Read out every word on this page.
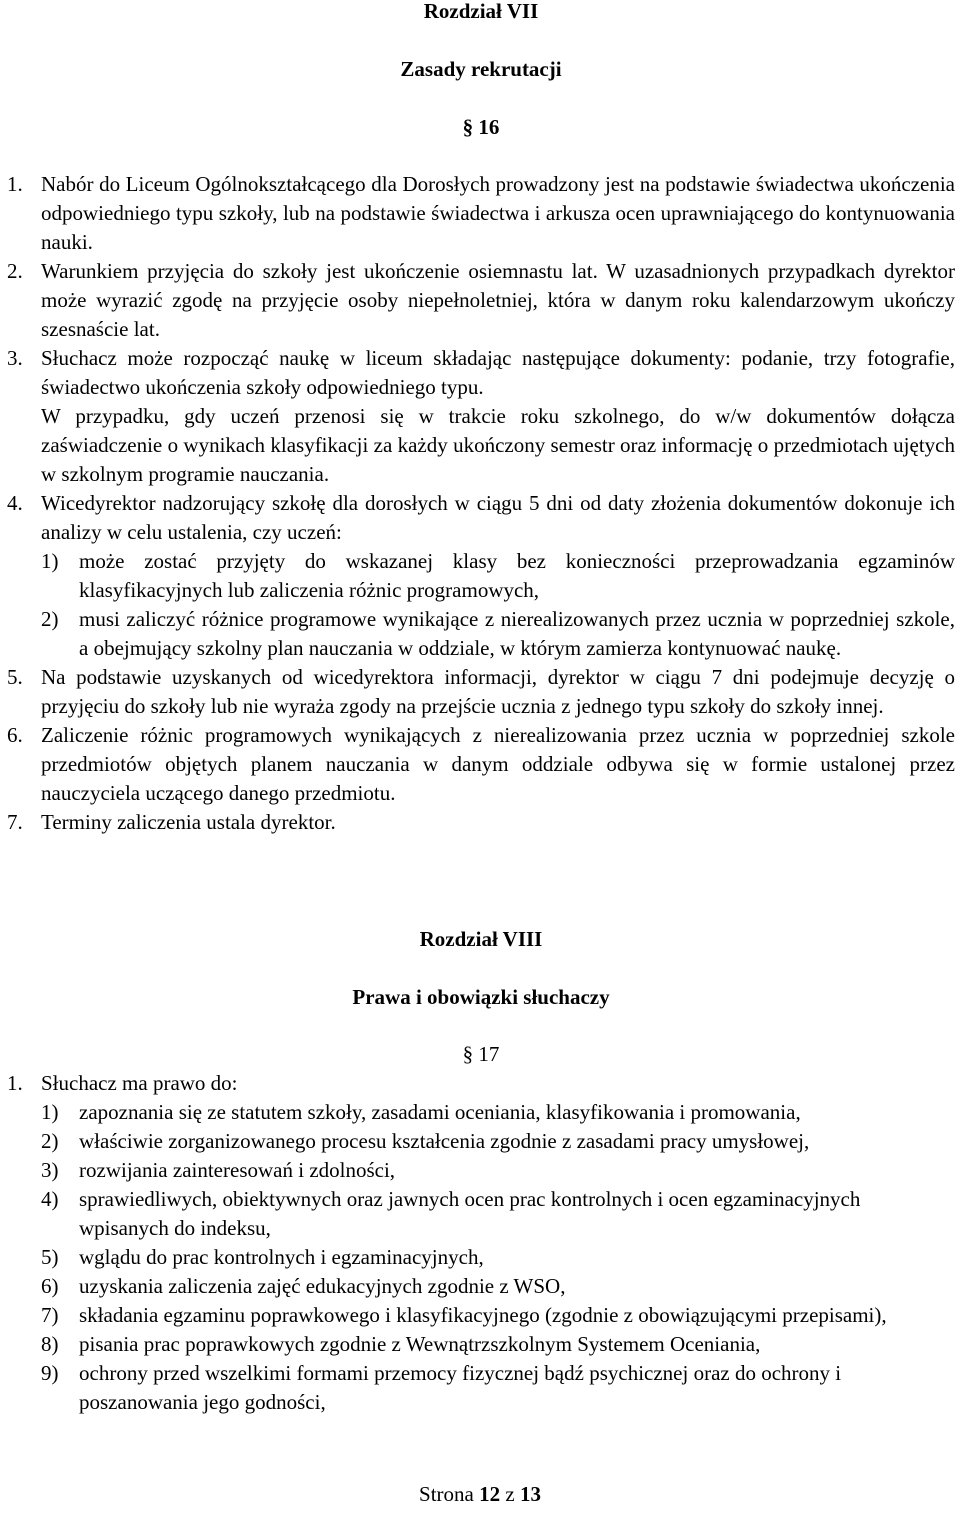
Rozdział VII
Zasady rekrutacji
§ 16
1. Nabór do Liceum Ogólnokształcącego dla Dorosłych prowadzony jest na podstawie świadectwa ukończenia odpowiedniego typu szkoły, lub na podstawie świadectwa i arkusza ocen uprawniającego do kontynuowania nauki.
2. Warunkiem przyjęcia do szkoły jest ukończenie osiemnastu lat. W uzasadnionych przypadkach dyrektor może wyrazić zgodę na przyjęcie osoby niepełnoletniej, która w danym roku kalendarzowym ukończy szesnaście lat.
3. Słuchacz może rozpocząć naukę w liceum składając następujące dokumenty: podanie, trzy fotografie, świadectwo ukończenia szkoły odpowiedniego typu.
W przypadku, gdy uczeń przenosi się w trakcie roku szkolnego, do w/w dokumentów dołącza zaświadczenie o wynikach klasyfikacji za każdy ukończony semestr oraz informację o przedmiotach ujętych w szkolnym programie nauczania.
4. Wicedyrektor nadzorujący szkołę dla dorosłych w ciągu 5 dni od daty złożenia dokumentów dokonuje ich analizy w celu ustalenia, czy uczeń:
1) może zostać przyjęty do wskazanej klasy bez konieczności przeprowadzania egzaminów klasyfikacyjnych lub zaliczenia różnic programowych,
2) musi zaliczyć różnice programowe wynikające z nierealizowanych przez ucznia w poprzedniej szkole, a obejmujący szkolny plan nauczania w oddziale, w którym zamierza kontynuować naukę.
5. Na podstawie uzyskanych od wicedyrektora informacji, dyrektor w ciągu 7 dni podejmuje decyzję o przyjęciu do szkoły lub nie wyraża zgody na przejście ucznia z jednego typu szkoły do szkoły innej.
6. Zaliczenie różnic programowych wynikających z nierealizowania przez ucznia w poprzedniej szkole przedmiotów objętych planem nauczania w danym oddziale odbywa się w formie ustalonej przez nauczyciela uczącego danego przedmiotu.
7. Terminy zaliczenia ustala dyrektor.
Rozdział VIII
Prawa i obowiązki słuchaczy
§ 17
1. Słuchacz ma prawo do:
1) zapoznania się ze statutem szkoły, zasadami oceniania, klasyfikowania i promowania,
2) właściwie zorganizowanego procesu kształcenia zgodnie z zasadami pracy umysłowej,
3) rozwijania zainteresowań i zdolności,
4) sprawiedliwych, obiektywnych oraz jawnych ocen prac kontrolnych i ocen egzaminacyjnych wpisanych do indeksu,
5) wglądu do prac kontrolnych i egzaminacyjnych,
6) uzyskania zaliczenia zajęć edukacyjnych zgodnie z WSO,
7) składania egzaminu poprawkowego i klasyfikacyjnego (zgodnie z obowiązującymi przepisami),
8) pisania prac poprawkowych zgodnie z Wewnątrzszkolnym Systemem Oceniania,
9) ochrony przed wszelkimi formami przemocy fizycznej bądź psychicznej oraz do ochrony i poszanowania jego godności,
Strona 12 z 13
